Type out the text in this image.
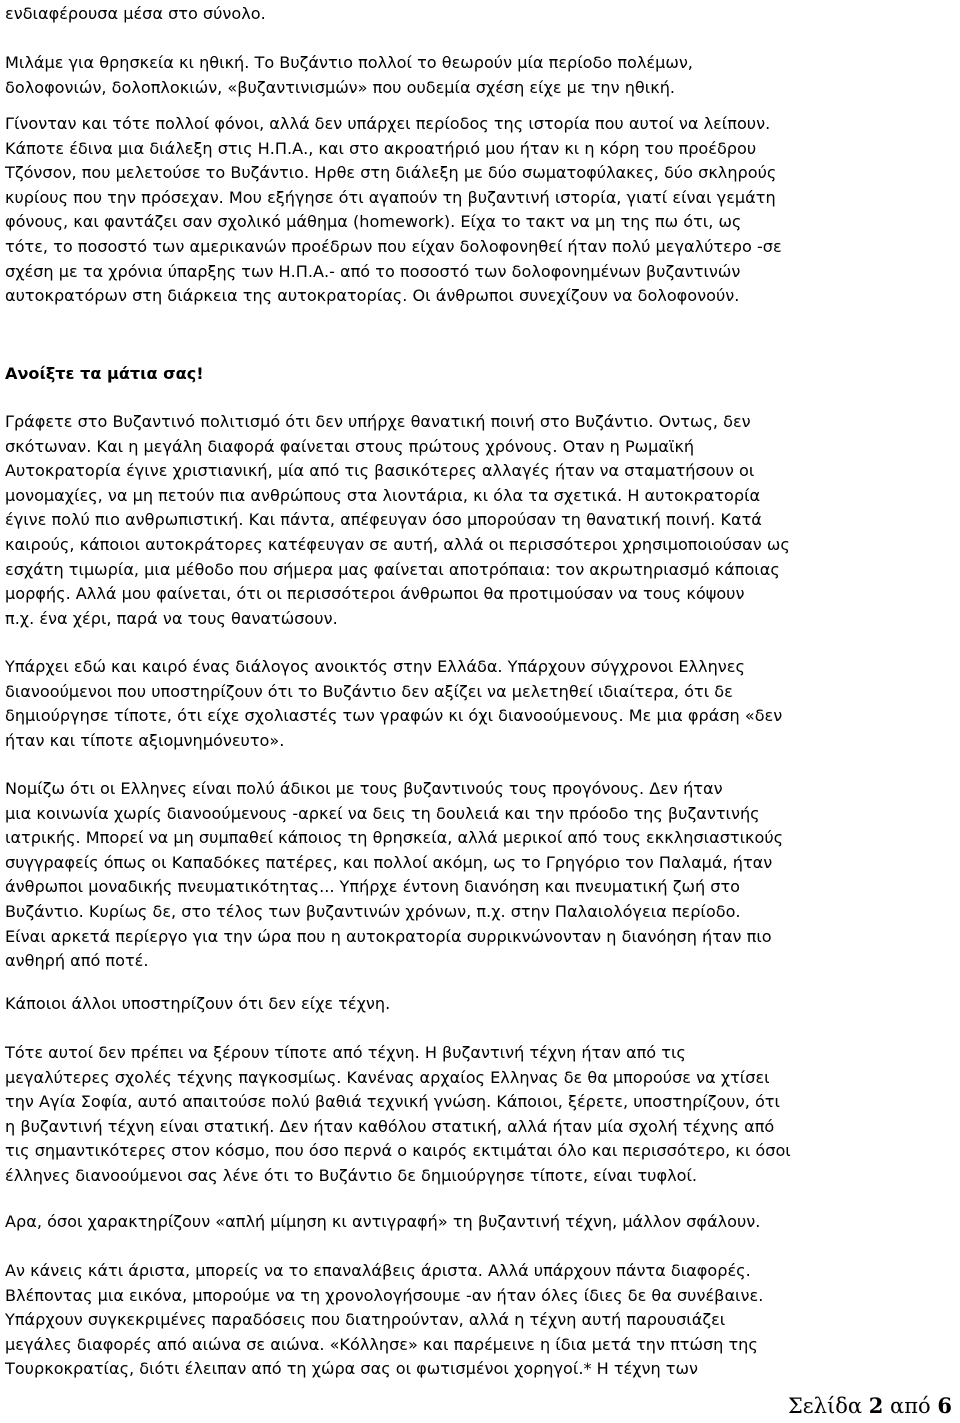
ενδιαφέρουσα μέσα στο σύνολο.
Μιλάμε για θρησκεία κι ηθική. Το Βυζάντιο πολλοί το θεωρούν μία περίοδο πολέμων,
δολοφονιών, δολοπλοκιών, «βυζαντινισμών» που ουδεμία σχέση είχε με την ηθική.
Γίνονταν και τότε πολλοί φόνοι, αλλά δεν υπάρχει περίοδος της ιστορία που αυτοί να λείπουν.
Κάποτε έδινα μια διάλεξη στις Η.Π.Α., και στο ακροατήριό μου ήταν κι η κόρη του προέδρου
Τζόνσον, που μελετούσε το Βυζάντιο. Ηρθε στη διάλεξη με δύο σωματοφύλακες, δύο σκληρούς
κυρίους που την πρόσεχαν. Μου εξήγησε ότι αγαπούν τη βυζαντινή ιστορία, γιατί είναι γεμάτη
φόνους, και φαντάζει σαν σχολικό μάθημα (homework). Είχα το τακτ να μη της πω ότι, ως
τότε, το ποσοστό των αμερικανών προέδρων που είχαν δολοφονηθεί ήταν πολύ μεγαλύτερο -σε
σχέση με τα χρόνια ύπαρξης των Η.Π.Α.- από το ποσοστό των δολοφονημένων βυζαντινών
αυτοκρατόρων στη διάρκεια της αυτοκρατορίας. Οι άνθρωποι συνεχίζουν να δολοφονούν.
Ανοίξτε τα μάτια σας!
Γράφετε στο Βυζαντινό πολιτισμό ότι δεν υπήρχε θανατική ποινή στο Βυζάντιο. Οντως, δεν
σκότωναν. Και η μεγάλη διαφορά φαίνεται στους πρώτους χρόνους. Οταν η Ρωμαϊκή
Αυτοκρατορία έγινε χριστιανική, μία από τις βασικότερες αλλαγές ήταν να σταματήσουν οι
μονομαχίες, να μη πετούν πια ανθρώπους στα λιοντάρια, κι όλα τα σχετικά. Η αυτοκρατορία
έγινε πολύ πιο ανθρωπιστική. Και πάντα, απέφευγαν όσο μπορούσαν τη θανατική ποινή. Κατά
καιρούς, κάποιοι αυτοκράτορες κατέφευγαν σε αυτή, αλλά οι περισσότεροι χρησιμοποιούσαν ως
εσχάτη τιμωρία, μια μέθοδο που σήμερα μας φαίνεται αποτρόπαια: τον ακρωτηριασμό κάποιας
μορφής. Αλλά μου φαίνεται, ότι οι περισσότεροι άνθρωποι θα προτιμούσαν να τους κόψουν
π.χ. ένα χέρι, παρά να τους θανατώσουν.
Υπάρχει εδώ και καιρό ένας διάλογος ανοικτός στην Ελλάδα. Υπάρχουν σύγχρονοι Ελληνες
διανοούμενοι που υποστηρίζουν ότι το Βυζάντιο δεν αξίζει να μελετηθεί ιδιαίτερα, ότι δε
δημιούργησε τίποτε, ότι είχε σχολιαστές των γραφών κι όχι διανοούμενους. Με μια φράση «δεν
ήταν και τίποτε αξιομνημόνευτο».
Νομίζω ότι οι Ελληνες είναι πολύ άδικοι με τους βυζαντινούς τους προγόνους. Δεν ήταν
μια κοινωνία χωρίς διανοούμενους -αρκεί να δεις τη δουλειά και την πρόοδο της βυζαντινής
ιατρικής. Μπορεί να μη συμπαθεί κάποιος τη θρησκεία, αλλά μερικοί από τους εκκλησιαστικούς
συγγραφείς όπως οι Καπαδόκες πατέρες, και πολλοί ακόμη, ως το Γρηγόριο τον Παλαμά, ήταν
άνθρωποι μοναδικής πνευματικότητας... Υπήρχε έντονη διανόηση και πνευματική ζωή στο
Βυζάντιο. Κυρίως δε, στο τέλος των βυζαντινών χρόνων, π.χ. στην Παλαιολόγεια περίοδο.
Είναι αρκετά περίεργο για την ώρα που η αυτοκρατορία συρρικνώνονταν η διανόηση ήταν πιο
ανθηρή από ποτέ.
Κάποιοι άλλοι υποστηρίζουν ότι δεν είχε τέχνη.
Τότε αυτοί δεν πρέπει να ξέρουν τίποτε από τέχνη. Η βυζαντινή τέχνη ήταν από τις
μεγαλύτερες σχολές τέχνης παγκοσμίως. Κανένας αρχαίος Ελληνας δε θα μπορούσε να χτίσει
την Αγία Σοφία, αυτό απαιτούσε πολύ βαθιά τεχνική γνώση. Κάποιοι, ξέρετε, υποστηρίζουν, ότι
η βυζαντινή τέχνη είναι στατική. Δεν ήταν καθόλου στατική, αλλά ήταν μία σχολή τέχνης από
τις σημαντικότερες στον κόσμο, που όσο περνά ο καιρός εκτιμάται όλο και περισσότερο, κι όσοι
έλληνες διανοούμενοι σας λένε ότι το Βυζάντιο δε δημιούργησε τίποτε, είναι τυφλοί.
Αρα, όσοι χαρακτηρίζουν «απλή μίμηση κι αντιγραφή» τη βυζαντινή τέχνη, μάλλον σφάλουν.
Αν κάνεις κάτι άριστα, μπορείς να το επαναλάβεις άριστα. Αλλά υπάρχουν πάντα διαφορές.
Βλέποντας μια εικόνα, μπορούμε να τη χρονολογήσουμε -αν ήταν όλες ίδιες δε θα συνέβαινε.
Υπάρχουν συγκεκριμένες παραδόσεις που διατηρούνταν, αλλά η τέχνη αυτή παρουσιάζει
μεγάλες διαφορές από αιώνα σε αιώνα. «Κόλλησε» και παρέμεινε η ίδια μετά την πτώση της
Τουρκοκρατίας, διότι έλειπαν από τη χώρα σας οι φωτισμένοι χορηγοί.* Η τέχνη των
Σελίδα 2 από 6
